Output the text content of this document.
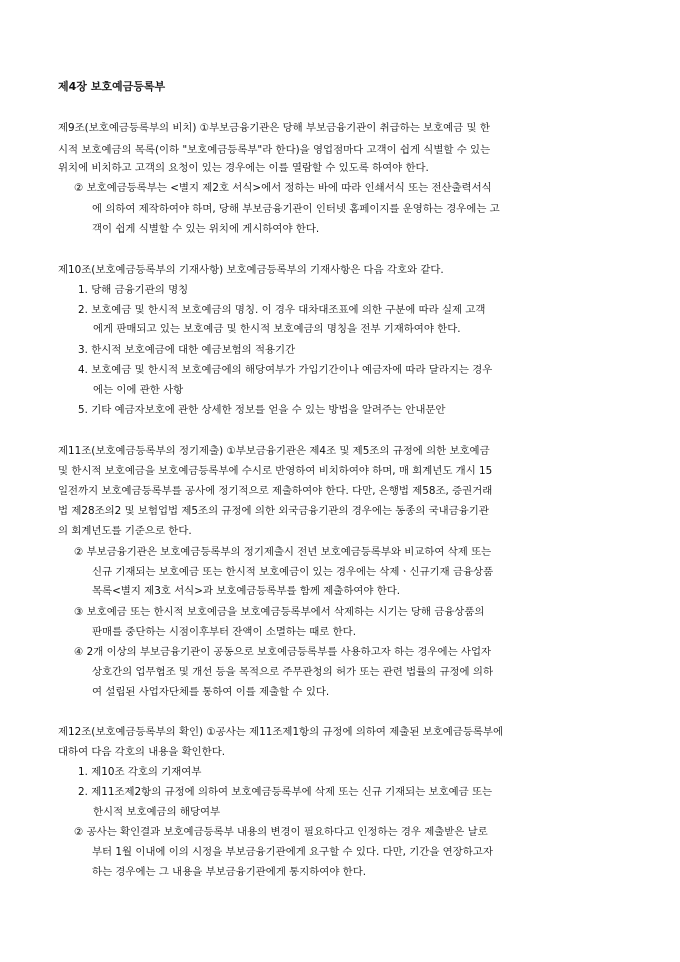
제4장 보호예금등록부
제9조(보호예금등록부의 비치) ①부보금융기관은 당해 부보금융기관이 취급하는 보호예금 및 한
시적 보호예금의 목록(이하 "보호예금등록부"라 한다)을 영업점마다 고객이 쉽게 식별할 수 있는
위치에 비치하고 고객의 요청이 있는 경우에는 이를 열람할 수 있도록 하여야 한다.
② 보호예금등록부는 <별지 제2호 서식>에서 정하는 바에 따라 인쇄서식 또는 전산출력서식
에 의하여 제작하여야 하며, 당해 부보금융기관이 인터넷 홈페이지를 운영하는 경우에는 고
객이 쉽게 식별할 수 있는 위치에 게시하여야 한다.
제10조(보호예금등록부의 기재사항) 보호예금등록부의 기재사항은 다음 각호와 같다.
1. 당해 금융기관의 명칭
2. 보호예금 및 한시적 보호예금의 명칭. 이 경우 대차대조표에 의한 구분에 따라 실제 고객
에게 판매되고 있는 보호예금 및 한시적 보호예금의 명칭을 전부 기재하여야 한다.
3. 한시적 보호예금에 대한 예금보험의 적용기간
4. 보호예금 및 한시적 보호예금에의 해당여부가 가입기간이나 예금자에 따라 달라지는 경우
에는 이에 관한 사항
5. 기타 예금자보호에 관한 상세한 정보를 얻을 수 있는 방법을 알려주는 안내문안
제11조(보호예금등록부의 정기제출) ①부보금융기관은 제4조 및 제5조의 규정에 의한 보호예금
및 한시적 보호예금을 보호예금등록부에 수시로 반영하여 비치하여야 하며, 매 회계년도 개시 15
일전까지 보호예금등록부를 공사에 정기적으로 제출하여야 한다. 다만, 은행법 제58조, 증권거래
법 제28조의2 및 보험업법 제5조의 규정에 의한 외국금융기관의 경우에는 동종의 국내금융기관
의 회계년도를 기준으로 한다.
② 부보금융기관은 보호예금등록부의 정기제출시 전년 보호예금등록부와 비교하여 삭제 또는
신규 기재되는 보호예금 또는 한시적 보호예금이 있는 경우에는 삭제ㆍ신규기재 금융상품
목록<별지 제3호 서식>과 보호예금등록부를 함께 제출하여야 한다.
③ 보호예금 또는 한시적 보호예금을 보호예금등록부에서 삭제하는 시기는 당해 금융상품의
판매를 중단하는 시점이후부터 잔액이 소멸하는 때로 한다.
④ 2개 이상의 부보금융기관이 공동으로 보호예금등록부를 사용하고자 하는 경우에는 사업자
상호간의 업무협조 및 개선 등을 목적으로 주무관청의 허가 또는 관련 법률의 규정에 의하
여 설립된 사업자단체를 통하여 이를 제출할 수 있다.
제12조(보호예금등록부의 확인) ①공사는 제11조제1항의 규정에 의하여 제출된 보호예금등록부에
대하여 다음 각호의 내용을 확인한다.
1. 제10조 각호의 기재여부
2. 제11조제2항의 규정에 의하여 보호예금등록부에 삭제 또는 신규 기재되는 보호예금 또는
한시적 보호예금의 해당여부
② 공사는 확인결과 보호예금등록부 내용의 변경이 필요하다고 인정하는 경우 제출받은 날로
부터 1월 이내에 이의 시정을 부보금융기관에게 요구할 수 있다. 다만, 기간을 연장하고자
하는 경우에는 그 내용을 부보금융기관에게 통지하여야 한다.
